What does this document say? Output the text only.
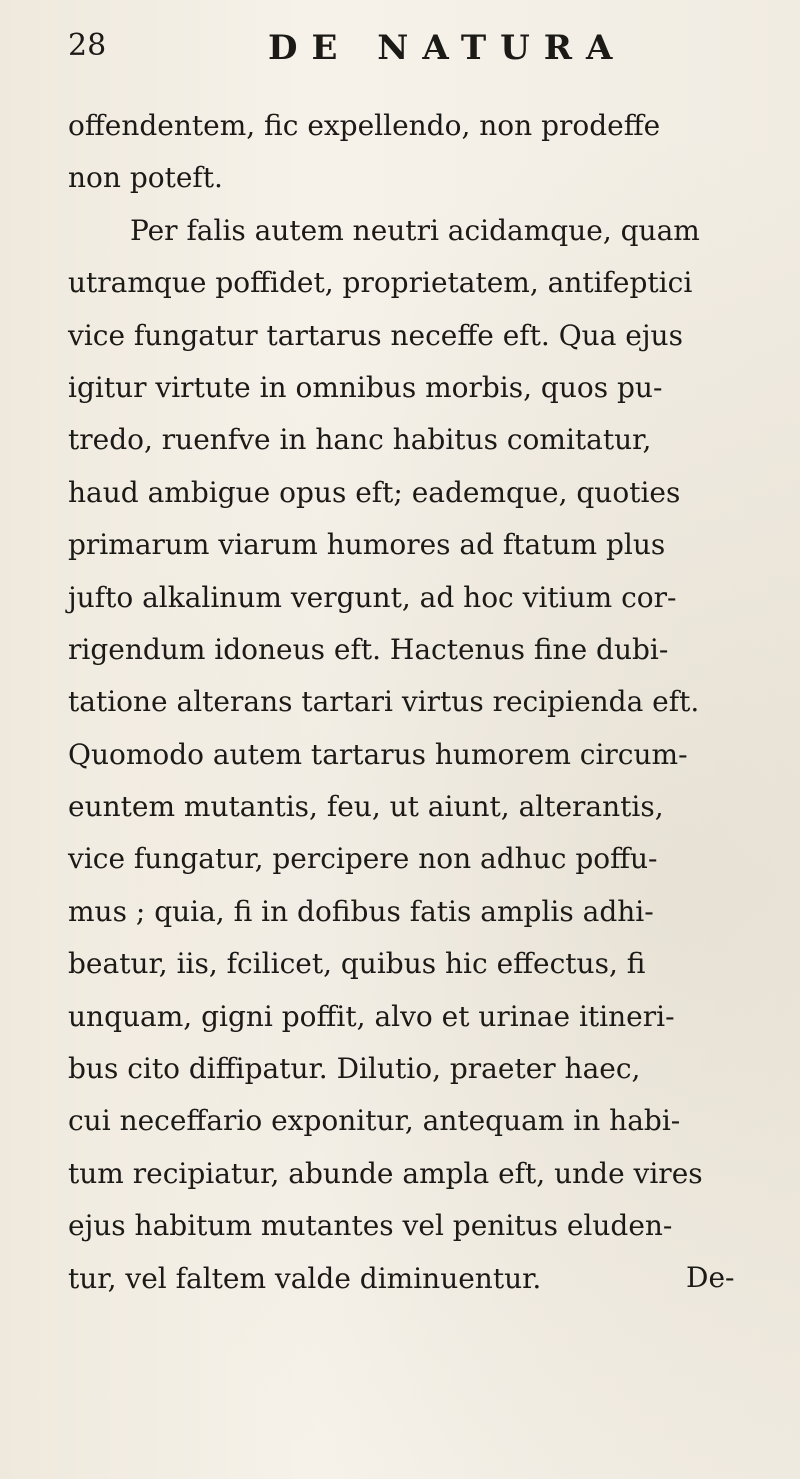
28	DE NATURA
offendentem, fic expellendo, non prodeffe
non poteft.
Per falis autem neutri acidamque, quam
utramque poffidet, proprietatem, antifeptici
vice fungatur tartarus neceffe eft. Qua ejus
igitur virtute in omnibus morbis, quos pu-
tredo, ruenfve in hanc habitus comitatur,
haud ambigue opus eft; eademque, quoties
primarum viarum humores ad ftatum plus
jufto alkalinum vergunt, ad hoc vitium cor-
rigendum idoneus eft. Hactenus fine dubi-
tatione alterans tartari virtus recipienda eft.
Quomodo autem tartarus humorem circum-
euntem mutantis, feu, ut aiunt, alterantis,
vice fungatur, percipere non adhuc poffu-
mus ; quia, fi in dofibus fatis amplis adhi-
beatur, iis, fcilicet, quibus hic effectus, fi
unquam, gigni poffit, alvo et urinae itineri-
bus cito diffipatur. Dilutio, praeter haec,
cui neceffario exponitur, antequam in habi-
tum recipiatur, abunde ampla eft, unde vires
ejus habitum mutantes vel penitus eluden-
tur, vel faltem valde diminuentur.	De-
